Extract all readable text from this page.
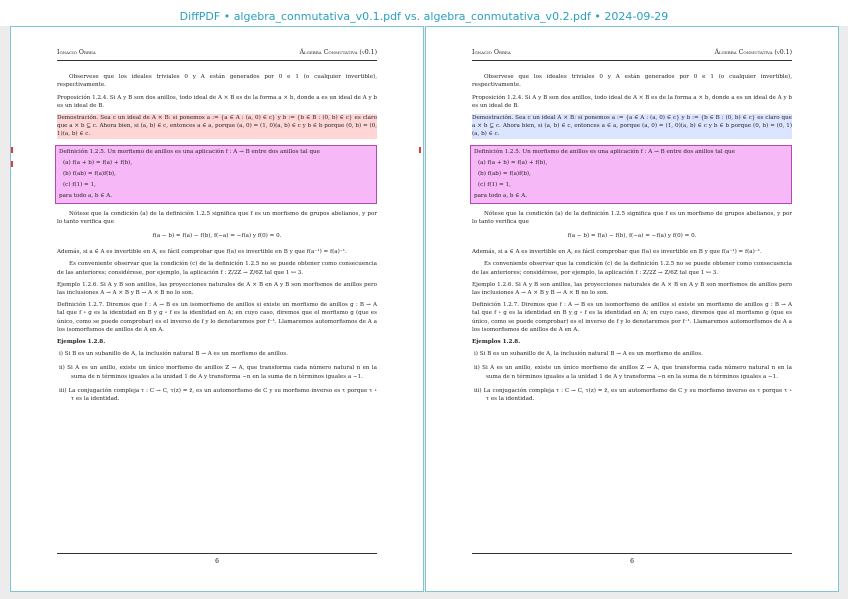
DiffPDF • algebra_conmutativa_v0.1.pdf vs. algebra_conmutativa_v0.2.pdf • 2024-09-29
Ignacio Orrea	Álgebra Conmutativa (v0.1)

Observese que los ideales triviales 0 y A están generados por 0 e 1 (o cualquier invertible), respectivamente.

Proposición 1.2.4. Si A y B son dos anillos, todo ideal de A × B es de la forma a × b, donde a es un ideal de A y b es un ideal de B.

Demostración. Sea c un ideal de A × B: si ponemos a := {a ∈ A : (a, 0) ∈ c} y b := {b ∈ B : (0, b) ∈ c} es claro que a × b ⊆ c. Ahora bien, si (a, b) ∈ c, entonces a ∈ a, porque (a, 0) = (1, 0)(a, b) ∈ c y b ∈ b porque (0, b) = (0, 1)(a, b) ∈ c.

Definición 1.2.5. Un morfismo de anillos es una aplicación f : A → B entre dos anillos tal que
(a) f(a + b) = f(a) + f(b),
(b) f(ab) = f(a)f(b),
(c) f(1) = 1,
para todo a, b ∈ A.

Nótese que la condición (a) de la definición 1.2.5 significa que f es un morfismo de grupos abelianos, y por lo tanto verifica que

f(a − b) = f(a) − f(b), f(−a) = −f(a) y f(0) = 0.

Además, si a ∈ A es invertible en A, es fácil comprobar que f(a) es invertible en B y que f(a⁻¹) = f(a)⁻¹.

Es conveniente observar que la condición (c) de la definición 1.2.5 no se puede obtener como consecuencia de las anteriores; considérese, por ejemplo, la aplicación f : Z/2Z → Z/6Z tal que 1 ↦ 3.

Ejemplo 1.2.6. Si A y B son anillos, las proyecciones naturales de A × B en A y B son morfismos de anillos pero las inclusiones A → A × B y B → A × B no lo son.

Definición 1.2.7. Diremos que f : A → B es un isomorfismo de anillos si existe un morfismo de anillos g : B → A tal que f ∘ g es la identidad en B y g ∘ f es la identidad en A; en cuyo caso, diremos que el morfismo g (que es único, como se puede comprobar) es el inverso de f y lo denotaremos por f⁻¹. Llamaremos automorfismos de A a los isomorfismos de anillos de A en A.

Ejemplos 1.2.8.

i) Si B es un subanillo de A, la inclusión natural B → A es un morfismo de anillos.
ii) Si A es un anillo, existe un único morfismo de anillos Z → A, que transforma cada número natural n en la suma de n términos iguales a la unidad 1 de A y transforma −n en la suma de n términos iguales a −1.
iii) La conjugación compleja τ : C → C, τ(z) = z̄, es un automorfismo de C y su morfismo inverso es τ porque τ ∘ τ es la identidad.
6
Ignacio Orrea	Álgebra Conmutativa (v0.1)

Observese que los ideales triviales 0 y A están generados por 0 e 1 (o cualquier invertible), respectivamente.

Proposición 1.2.4. Si A y B son dos anillos, todo ideal de A × B es de la forma a × b, donde a es un ideal de A y b es un ideal de B.

Demostración. Sea c un ideal A × B: si ponemos a := {a ∈ A : (a, 0) ∈ c} y b := {b ∈ B : (0, b) ∈ c} es claro que a × b ⊆ c. Ahora bien, si (a, b) ∈ c, entonces a ∈ a, porque (a, 0) = (1, 0)(a, b) ∈ c y b ∈ b porque (0, b) = (0, 1)(a, b) ∈ c.

Definición 1.2.5. Un morfismo de anillos es una aplicación f : A → B entre dos anillos tal que
(a) f(a + b) = f(a) + f(b),
(b) f(ab) = f(a)f(b),
(c) f(1) = 1,
para todo a, b ∈ A.

Nótese que la condición (a) de la definición 1.2.5 significa que f es un morfismo de grupos abelianos, y por lo tanto verifica que

f(a − b) = f(a) − f(b), f(−a) = −f(a) y f(0) = 0.

Además, si a ∈ A es invertible en A, es fácil comprobar que f(a) es invertible en B y que f(a⁻¹) = f(a)⁻¹.

Es conveniente observar que la condición (c) de la definición 1.2.5 no se puede obtener como consecuencia de las anteriores; considérese, por ejemplo, la aplicación f : Z/2Z → Z/6Z tal que 1 ↦ 3.

Ejemplo 1.2.6. Si A y B son anillos, las proyecciones naturales de A × B en A y B son morfismos de anillos pero las inclusiones A → A × B y B → A × B no lo son.

Definición 1.2.7. Diremos que f : A → B es un isomorfismo de anillos si existe un morfismo de anillos g : B → A tal que f ∘ g es la identidad en B y g ∘ f es la identidad en A; en cuyo caso, diremos que el morfismo g (que es único, como se puede comprobar) es el inverso de f y lo denotaremos por f⁻¹. Llamaremos automorfismos de A a los isomorfismos de anillos de A en A.

Ejemplos 1.2.8.

i) Si B es un subanillo de A, la inclusión natural B → A es un morfismo de anillos.
ii) Si A es un anillo, existe un único morfismo de anillos Z → A, que transforma cada número natural n en la suma de n términos iguales a la unidad 1 de A y transforma −n en la suma de n términos iguales a −1.
iii) La conjugación compleja τ : C → C, τ(z) = z̄, es un automorfismo de C y su morfismo inverso es τ porque τ ∘ τ es la identidad.
6
